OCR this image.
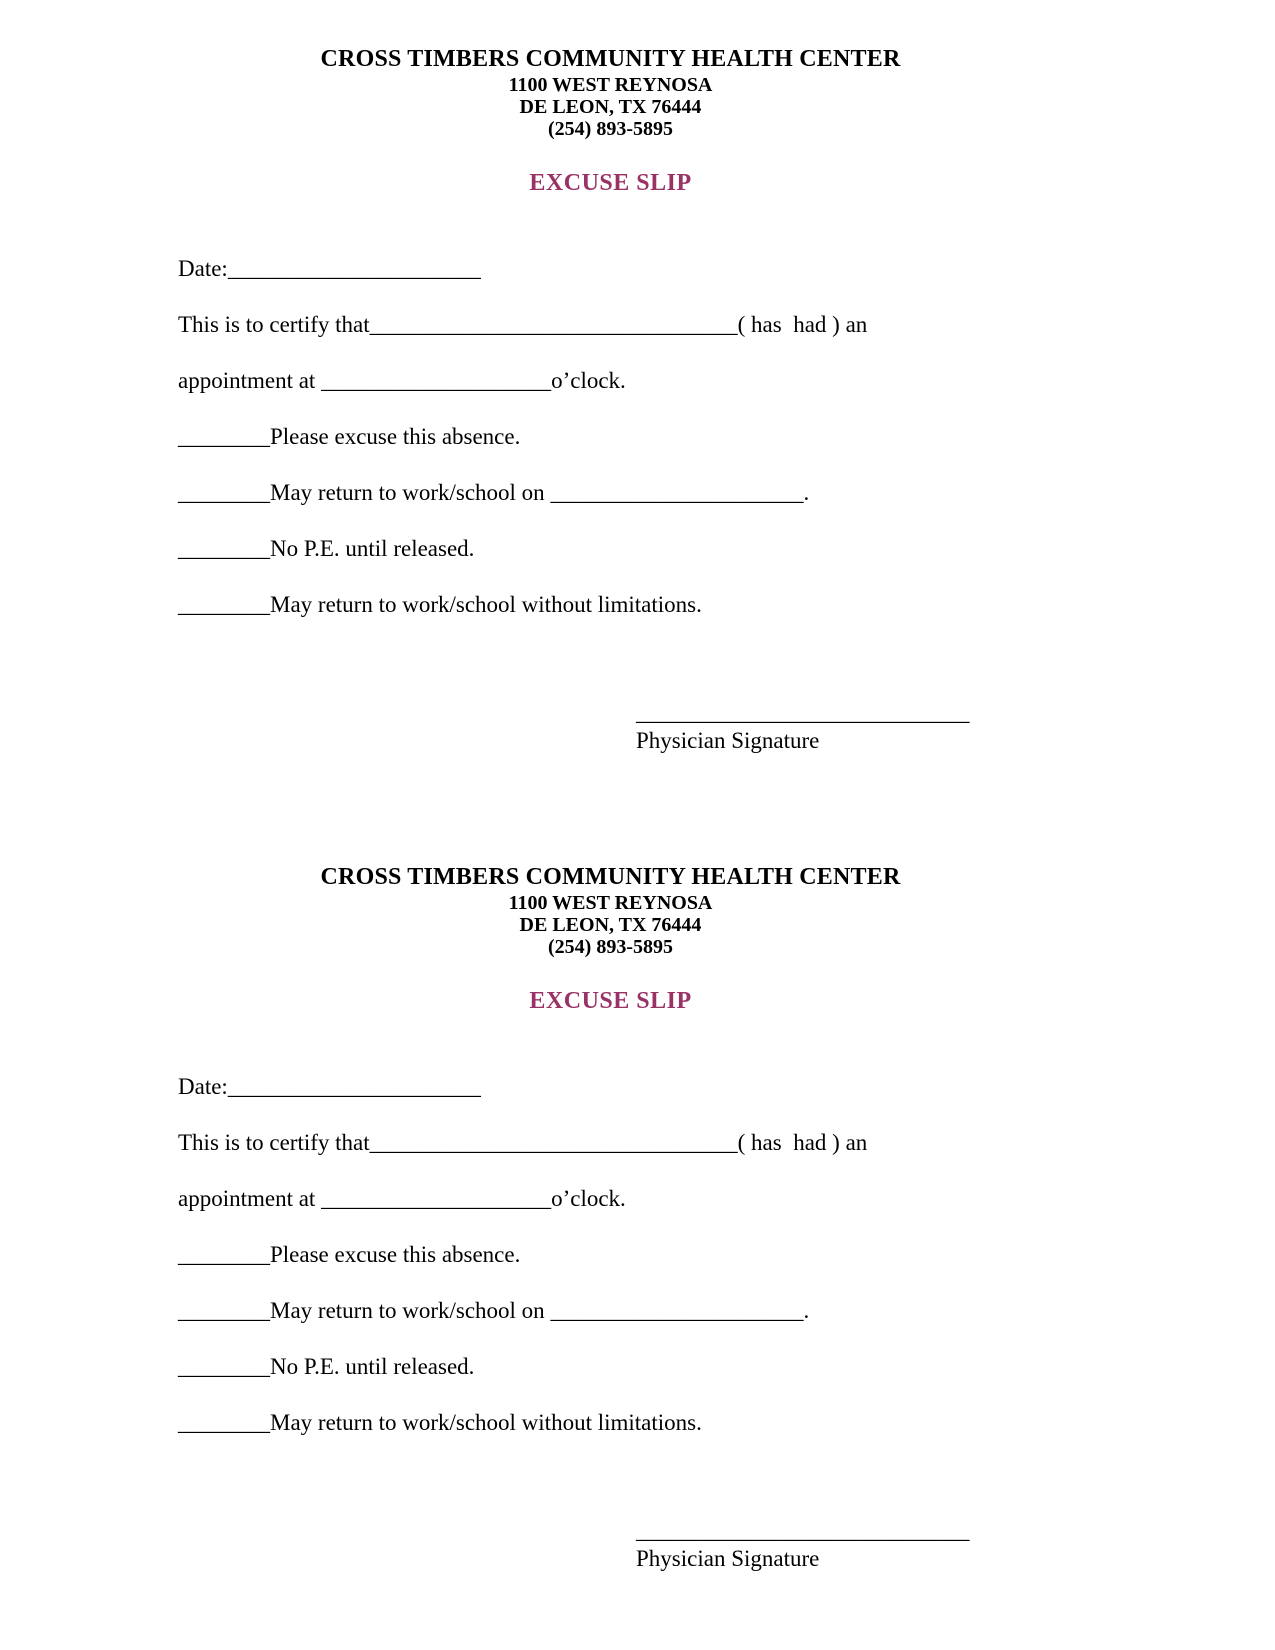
CROSS TIMBERS COMMUNITY HEALTH CENTER
1100 WEST REYNOSA
DE LEON, TX 76444
(254) 893-5895
EXCUSE SLIP

Date:______________________

This is to certify that________________________________( has  had ) an

appointment at ____________________o’clock.

________Please excuse this absence.

________May return to work/school on ______________________.

________No P.E. until released.

________May return to work/school without limitations.

_____________________________
Physician Signature
CROSS TIMBERS COMMUNITY HEALTH CENTER
1100 WEST REYNOSA
DE LEON, TX 76444
(254) 893-5895
EXCUSE SLIP

Date:______________________

This is to certify that________________________________( has  had ) an

appointment at ____________________o’clock.

________Please excuse this absence.

________May return to work/school on ______________________.

________No P.E. until released.

________May return to work/school without limitations.

_____________________________
Physician Signature
